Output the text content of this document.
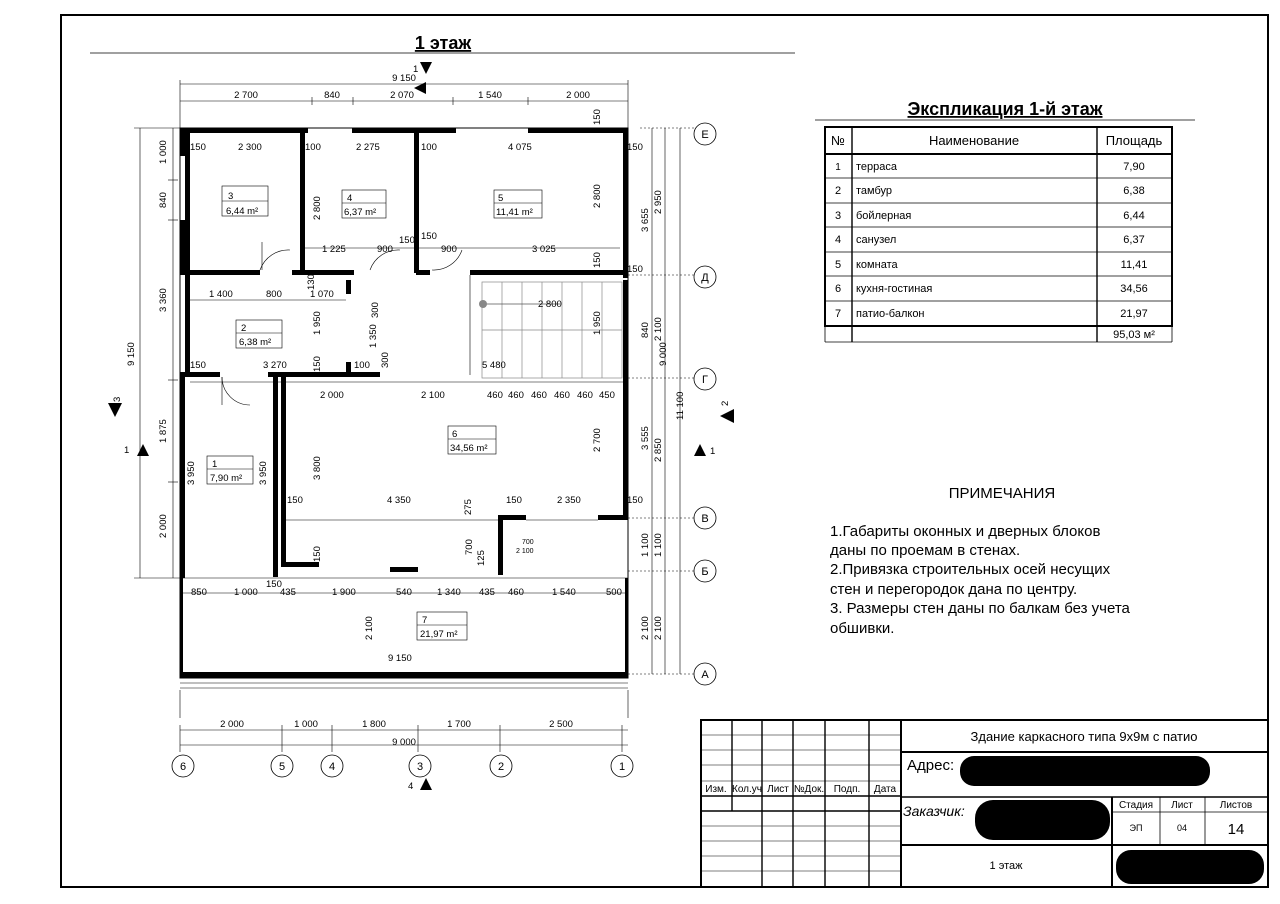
1 этаж
9 150
2 700	840	2 070	1 540	2 000
1
3
6,44 m²
4
6,37 m²
5
11,41 m²
2
6,38 m²
6
34,56 m²
1
7,90 m²
7
21,97 m²
150	2 300	100	2 275	100	4 075	150
150
2 800
2 800
1 225	900
150 150
900	3 025
150
1 400	800	1 070
300	2 800
1 950
1 350
1 950
300
150	3 270	150	100	5 480
2 000	2 100	460 460 460 460 460 450
3 800
2 700
3 950	3 950
150	4 350	275	150	2 350	150
700
125
700
2 100
150
150
850	1 000 435	1 900	540	1 340 435 460	1 540	500
2 100
9 150
150
130
1 000
840
3 360
1 875
2 000
9 150
3
1
3 655
840
3 555
1 100
2 100
2 950
2 100
2 850
1 100
2 100
9 000
11 100	2
1
Е
Д
Г
В
Б
А
2 000	1 000	1 800	1 700	2 500
9 000
6	5	4	3	2	1
4
Экспликация 1-й этаж
№	Наименование	Площадь
1 терраса	7,90
2 тамбур	6,38
3 бойлерная	6,44
4 санузел	6,37
5 комната	11,41
6 кухня-гостиная	34,56
7 патио-балкон	21,97
95,03 м²
ПРИМЕЧАНИЯ
1.Габариты оконных и дверных блоков
даны по проемам в стенах.
2.Привязка строительных осей несущих
стен и перегородок дана по центру.
3. Размеры стен даны по балкам без учета
обшивки.
Изм. Кол.уч Лист №Док. Подп. Дата
Здание каркасного типа 9х9м с патио
Адрес:
Заказчик:	Стадия Лист	Листов
ЭП	04	14
1 этаж
